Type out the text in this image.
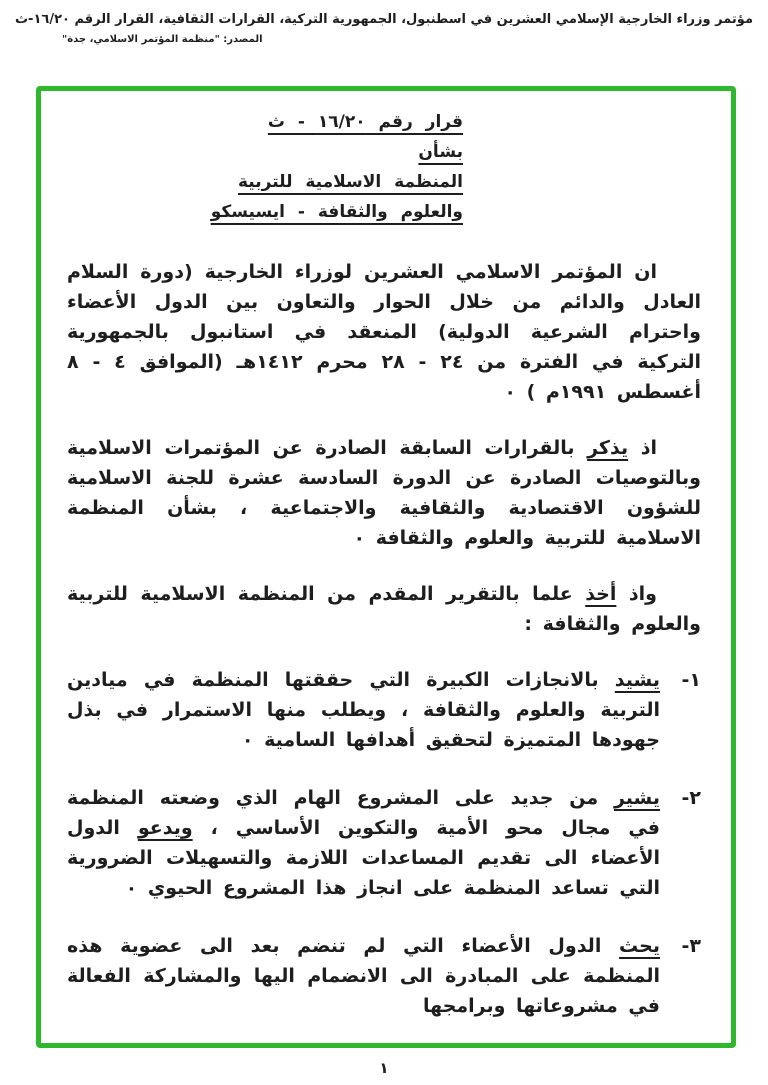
مؤتمر وزراء الخارجية الإسلامي العشرين في اسطنبول، الجمهورية التركية، القرارات الثقافية، القرار الرقم ١٦/٢٠-ث
المصدر: "منظمة المؤتمر الاسلامي، جدة"
قرار رقم ١٦/٢٠ - ث
بشأن
المنظمة الاسلامية للتربية
والعلوم والثقافة - ايسيسكو

ان المؤتمر الاسلامي العشرين لوزراء الخارجية (دورة السلام العادل والدائم من خلال الحوار والتعاون بين الدول الأعضاء واحترام الشرعية الدولية) المنعقد في استانبول بالجمهورية التركية في الفترة من ٢٤ - ٢٨ محرم ١٤١٢هـ (الموافق ٤ - ٨ أغسطس ١٩٩١م ) ٠

اذ يذكر بالقرارات السابقة الصادرة عن المؤتمرات الاسلامية وبالتوصيات الصادرة عن الدورة السادسة عشرة للجنة الاسلامية للشؤون الاقتصادية والثقافية والاجتماعية ، بشأن المنظمة الاسلامية للتربية والعلوم والثقافة ٠

واذ أخذ علما بالتقرير المقدم من المنظمة الاسلامية للتربية والعلوم والثقافة :

١-
يشيد بالانجازات الكبيرة التي حققتها المنظمة في ميادين التربية والعلوم والثقافة ، ويطلب منها الاستمرار في بذل جهودها المتميزة لتحقيق أهدافها السامية ٠
٢-
يشير من جديد على المشروع الهام الذي وضعته المنظمة في مجال محو الأمية والتكوين الأساسي ، ويدعو الدول الأعضاء الى تقديم المساعدات اللازمة والتسهيلات الضرورية التي تساعد المنظمة على انجاز هذا المشروع الحيوي ٠
٣-
يحث الدول الأعضاء التي لم تنضم بعد الى عضوية هذه المنظمة على المبادرة الى الانضمام اليها والمشاركة الفعالة في مشروعاتها وبرامجها
١
